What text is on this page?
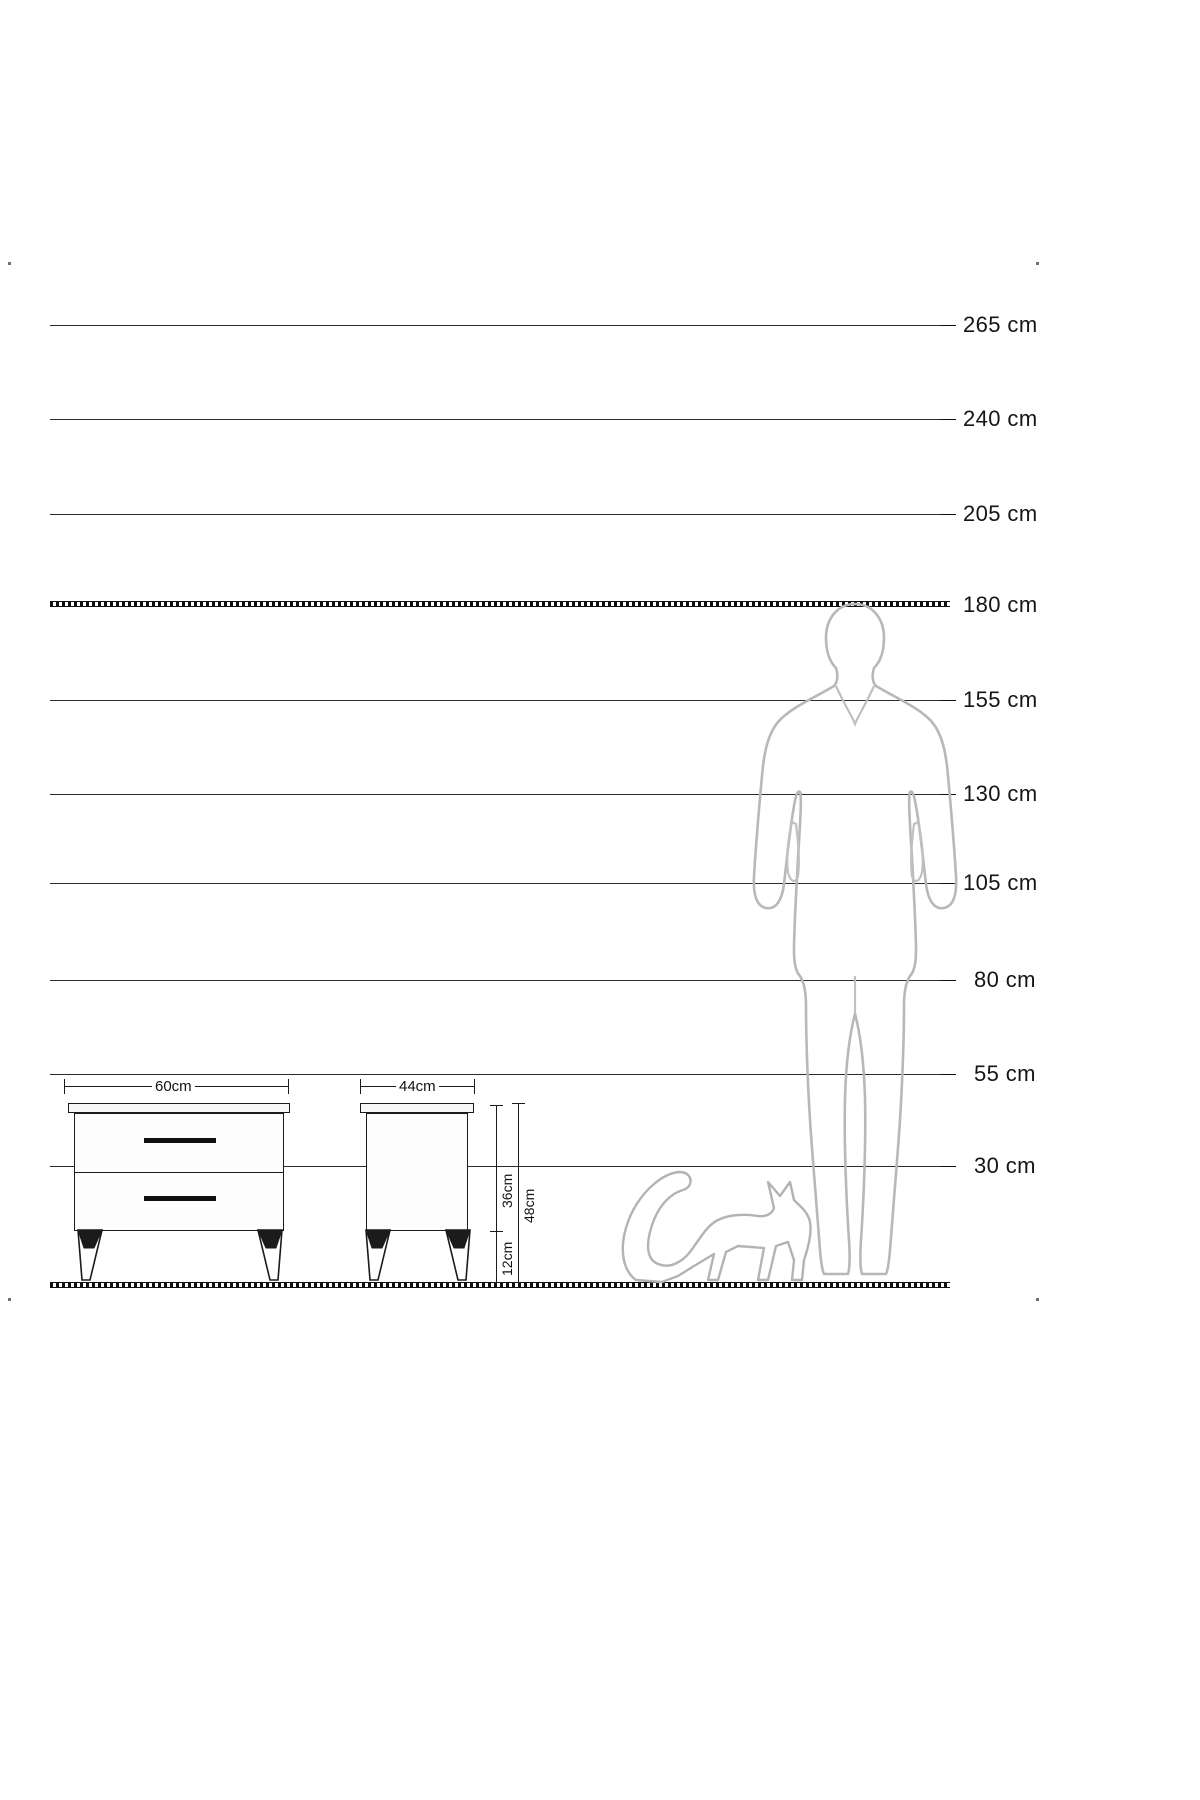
265 cm
240 cm
205 cm
180 cm
155 cm
130 cm
105 cm
80 cm
55 cm
30 cm
60cm	44cm
12cm
36cm 48cm
